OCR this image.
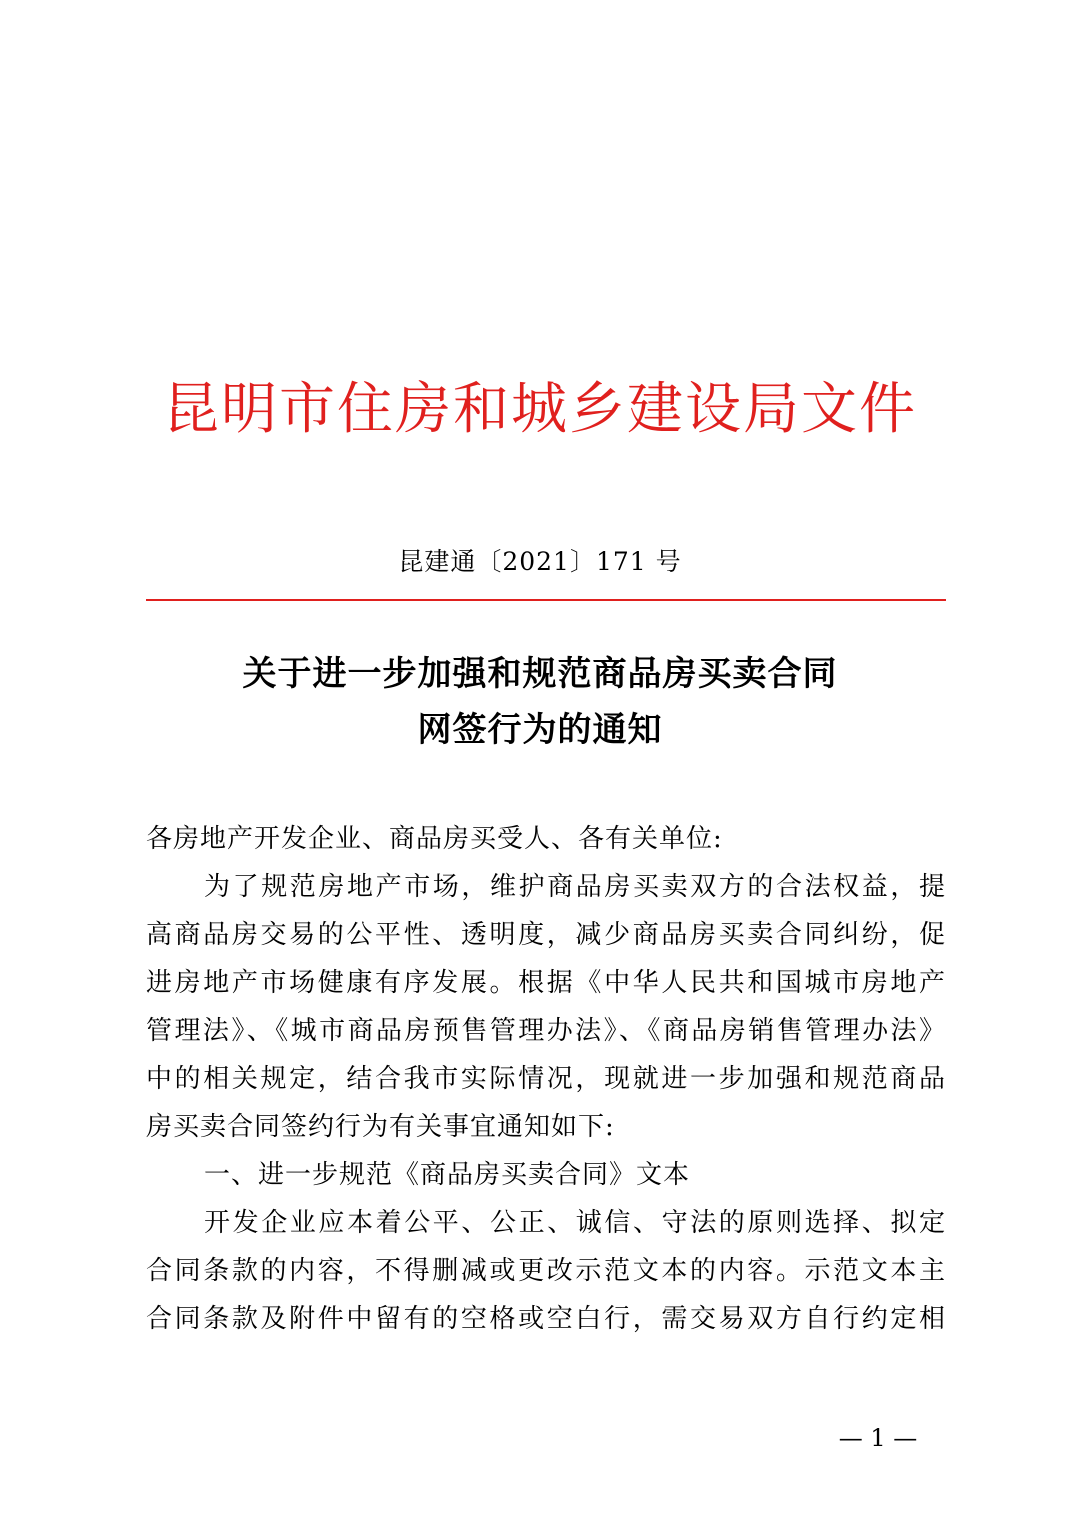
昆明市住房和城乡建设局文件
昆建通〔2021〕171 号
关于进一步加强和规范商品房买卖合同
网签行为的通知
各房地产开发企业、商品房买受人、各有关单位:
为了规范房地产市场，维护商品房买卖双方的合法权益，提
高商品房交易的公平性、透明度，减少商品房买卖合同纠纷，促
进房地产市场健康有序发展。根据《中华人民共和国城市房地产
管理法》、《城市商品房预售管理办法》、《商品房销售管理办法》
中的相关规定，结合我市实际情况，现就进一步加强和规范商品
房买卖合同签约行为有关事宜通知如下:
一、进一步规范《商品房买卖合同》文本
开发企业应本着公平、公正、诚信、守法的原则选择、拟定
合同条款的内容，不得删减或更改示范文本的内容。示范文本主
合同条款及附件中留有的空格或空白行，需交易双方自行约定相
— 1 —
